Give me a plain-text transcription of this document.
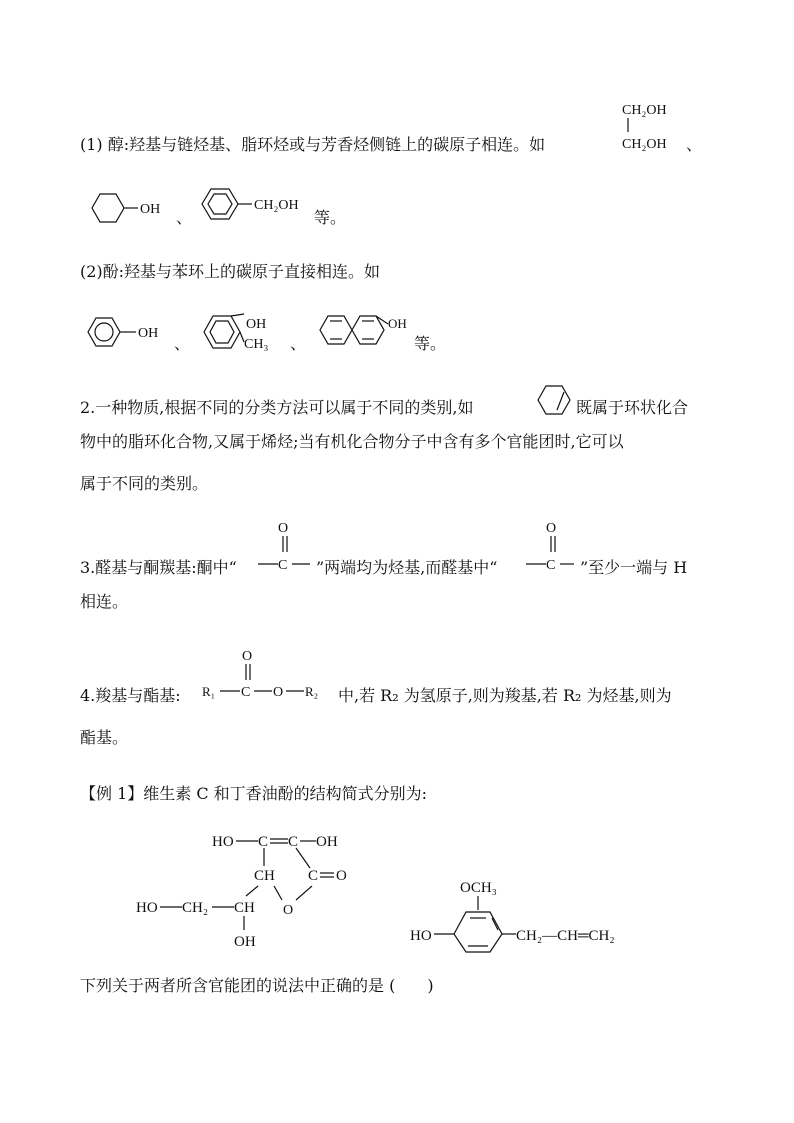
(1) 醇:羟基与链烃基、脂环烃或与芳香烃侧链上的碳原子相连。如
CH₂OH
CH₂OH 、
OH 、
CH₂OH
等。
(2)酚:羟基与苯环上的碳原子直接相连。如
OH
、
OH
CH₃ 、
OH
等。
2.一种物质,根据不同的分类方法可以属于不同的类别,如	既属于环状化合
物中的脂环化合物,又属于烯烃;当有机化合物分子中含有多个官能团时,它可以
属于不同的类别。
3.醛基与酮羰基:酮中“
O
C ”两端均为烃基,而醛基中“
O
C ”至少一端与 H
相连。
4.羧基与酯基:
O
R₁ C O R₂ 中,若 R₂ 为氢原子,则为羧基,若 R₂ 为烃基,则为
酯基。
【例 1】维生素 C 和丁香油酚的结构简式分别为:
HO C C OH
CH C O
O
HO CH₂ CH
OH
OCH₃
HO	CH₂—CH═CH₂
下列关于两者所含官能团的说法中正确的是 (　　)
